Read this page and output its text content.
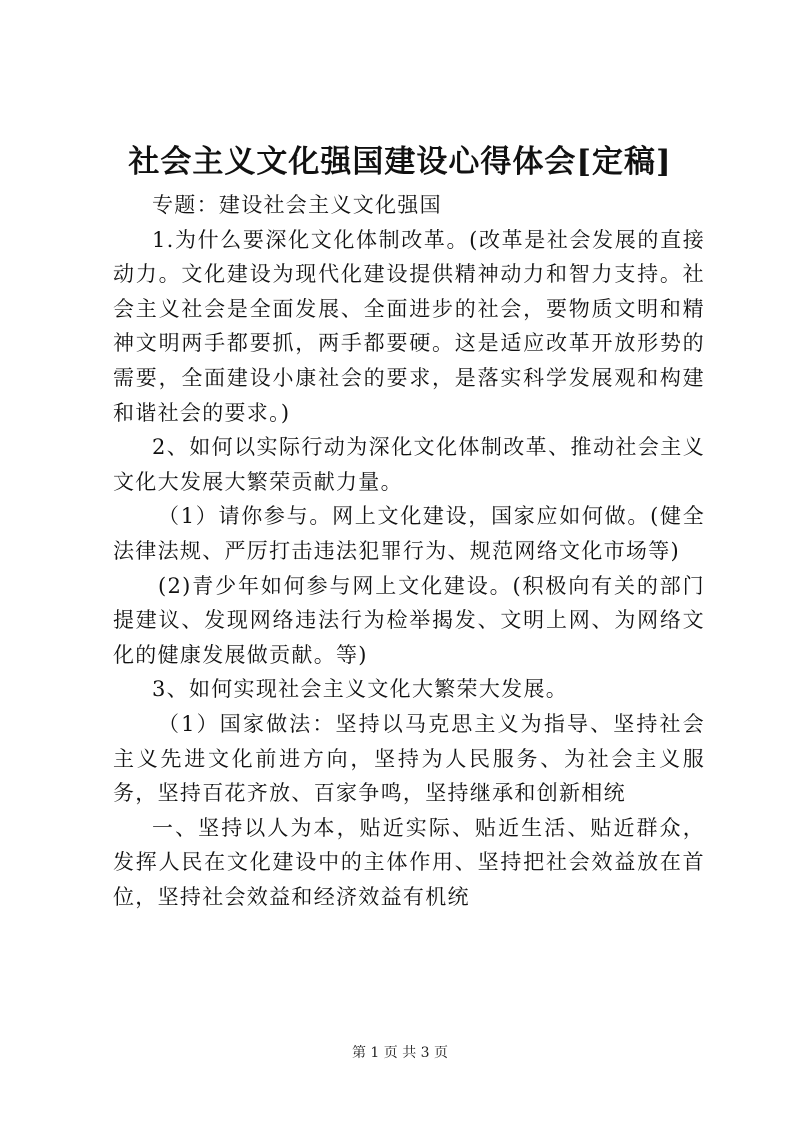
社会主义文化强国建设心得体会[定稿]

专题：建设社会主义文化强国

1.为什么要深化文化体制改革。(改革是社会发展的直接动力。文化建设为现代化建设提供精神动力和智力支持。社会主义社会是全面发展、全面进步的社会，要物质文明和精神文明两手都要抓，两手都要硬。这是适应改革开放形势的需要，全面建设小康社会的要求，是落实科学发展观和构建和谐社会的要求。)

2、如何以实际行动为深化文化体制改革、推动社会主义文化大发展大繁荣贡献力量。

（1）请你参与。网上文化建设，国家应如何做。(健全法律法规、严厉打击违法犯罪行为、规范网络文化市场等)

(2)青少年如何参与网上文化建设。(积极向有关的部门提建议、发现网络违法行为检举揭发、文明上网、为网络文化的健康发展做贡献。等)

3、如何实现社会主义文化大繁荣大发展。

（1）国家做法：坚持以马克思主义为指导、坚持社会主义先进文化前进方向，坚持为人民服务、为社会主义服务，坚持百花齐放、百家争鸣，坚持继承和创新相统

一、坚持以人为本，贴近实际、贴近生活、贴近群众，发挥人民在文化建设中的主体作用、坚持把社会效益放在首位，坚持社会效益和经济效益有机统

第 1 页 共 3 页
